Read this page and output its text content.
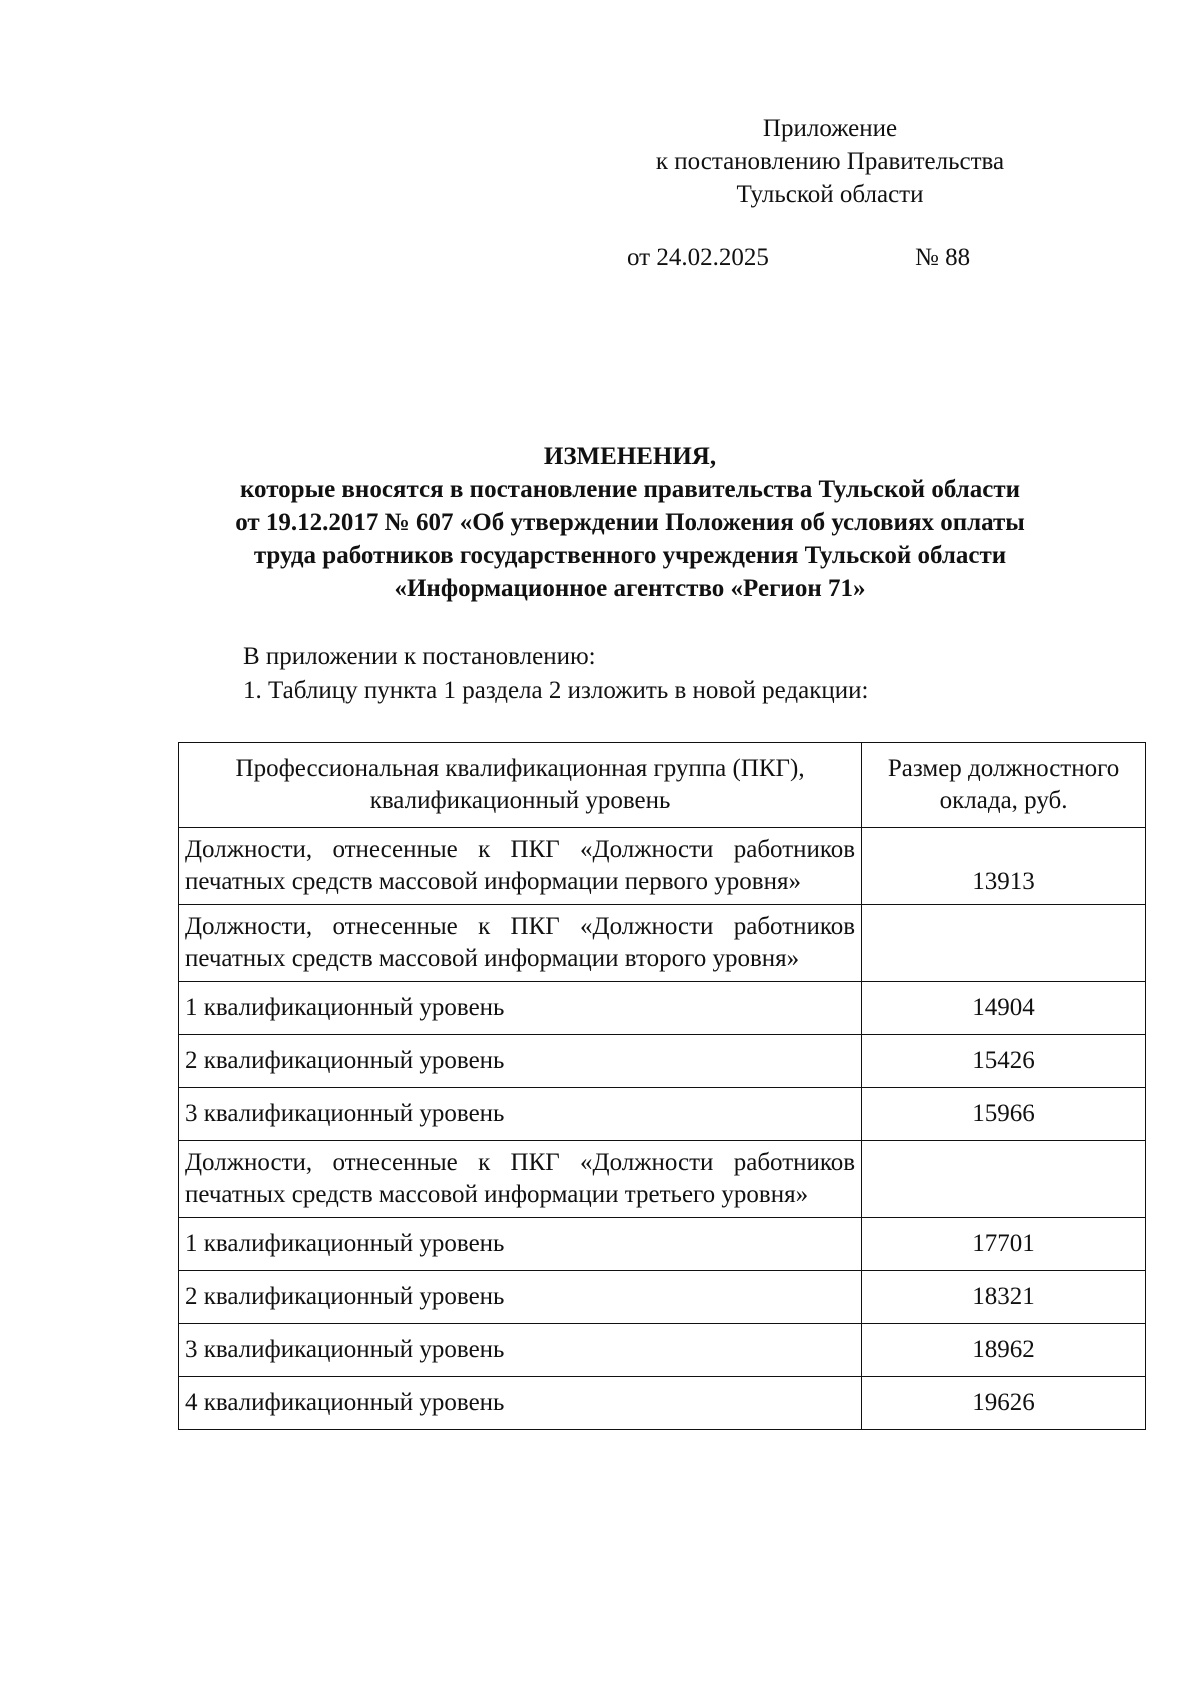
Приложение
к постановлению Правительства
Тульской области
от 24.02.2025	№ 88
ИЗМЕНЕНИЯ,
которые вносятся в постановление правительства Тульской области
от 19.12.2017 № 607 «Об утверждении Положения об условиях оплаты
труда работников государственного учреждения Тульской области
«Информационное агентство «Регион 71»
В приложении к постановлению:
1. Таблицу пункта 1 раздела 2 изложить в новой редакции:
Профессиональная квалификационная группа (ПКГ), квалификационный уровень	Размер должностного оклада, руб.
Должности, отнесенные к ПКГ «Должности работников печатных средств массовой информации первого уровня»	13913
Должности, отнесенные к ПКГ «Должности работников печатных средств массовой информации второго уровня»	
1 квалификационный уровень	14904
2 квалификационный уровень	15426
3 квалификационный уровень	15966
Должности, отнесенные к ПКГ «Должности работников печатных средств массовой информации третьего уровня»	
1 квалификационный уровень	17701
2 квалификационный уровень	18321
3 квалификационный уровень	18962
4 квалификационный уровень	19626
